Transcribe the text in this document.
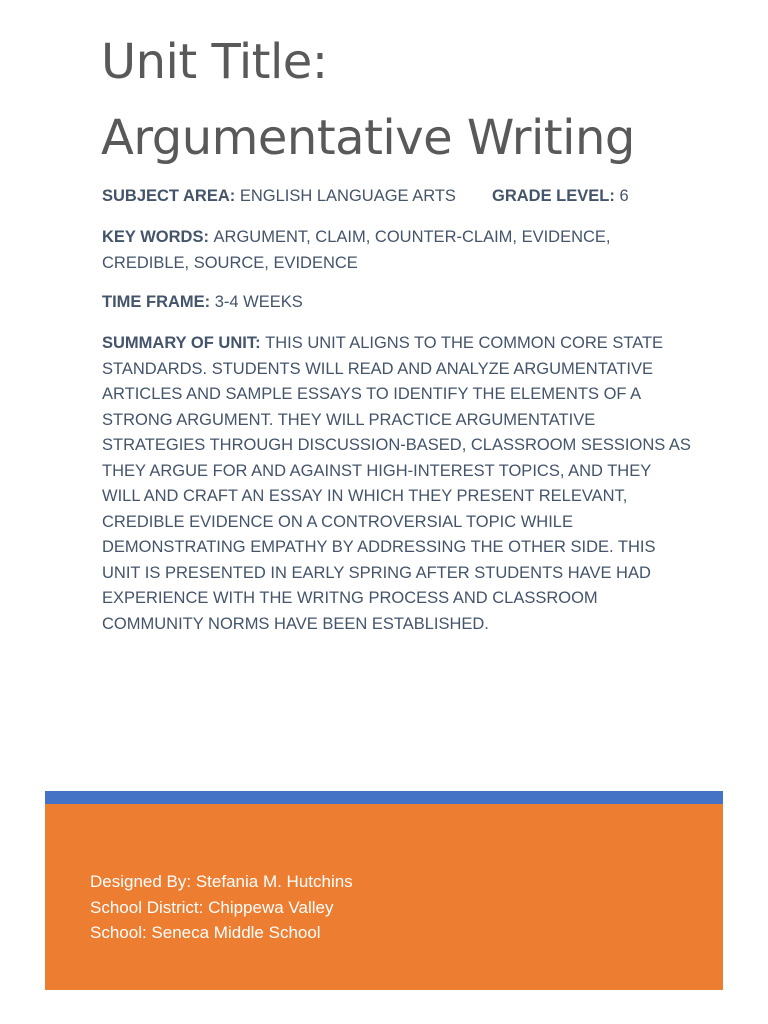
Unit Title:
Argumentative Writing

SUBJECT AREA: ENGLISH LANGUAGE ARTS GRADE LEVEL: 6

KEY WORDS: ARGUMENT, CLAIM, COUNTER-CLAIM, EVIDENCE, CREDIBLE, SOURCE, EVIDENCE

TIME FRAME: 3-4 WEEKS

SUMMARY OF UNIT: THIS UNIT ALIGNS TO THE COMMON CORE STATE STANDARDS. STUDENTS WILL READ AND ANALYZE ARGUMENTATIVE ARTICLES AND SAMPLE ESSAYS TO IDENTIFY THE ELEMENTS OF A STRONG ARGUMENT. THEY WILL PRACTICE ARGUMENTATIVE STRATEGIES THROUGH DISCUSSION-BASED, CLASSROOM SESSIONS AS THEY ARGUE FOR AND AGAINST HIGH-INTEREST TOPICS, AND THEY WILL AND CRAFT AN ESSAY IN WHICH THEY PRESENT RELEVANT, CREDIBLE EVIDENCE ON A CONTROVERSIAL TOPIC WHILE DEMONSTRATING EMPATHY BY ADDRESSING THE OTHER SIDE. THIS UNIT IS PRESENTED IN EARLY SPRING AFTER STUDENTS HAVE HAD EXPERIENCE WITH THE WRITNG PROCESS AND CLASSROOM COMMUNITY NORMS HAVE BEEN ESTABLISHED.

Designed By: Stefania M. Hutchins
School District: Chippewa Valley
School: Seneca Middle School
